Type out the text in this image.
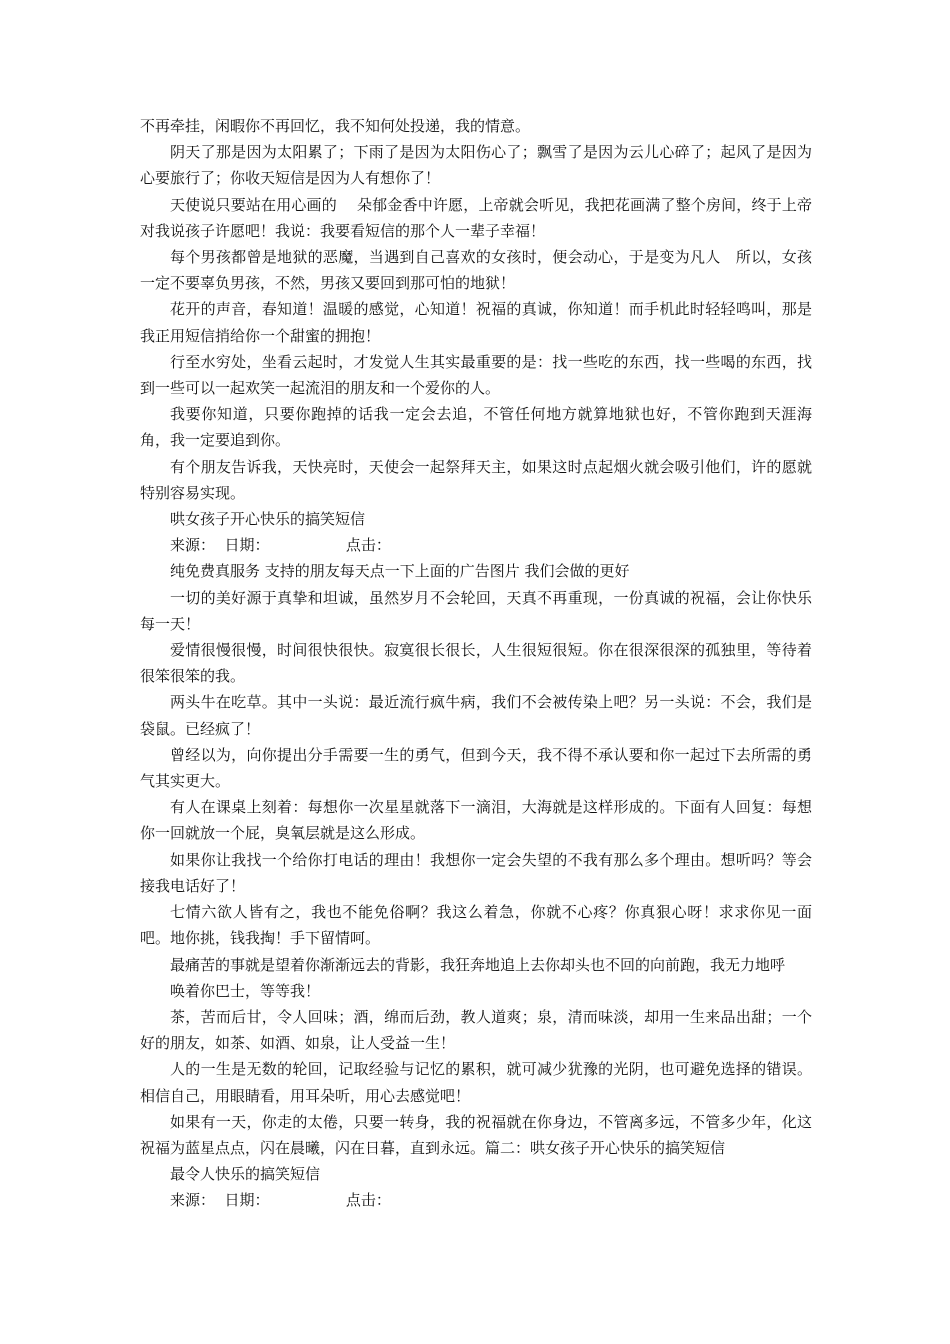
不再牵挂，闲暇你不再回忆，我不知何处投递，我的情意。

阴天了那是因为太阳累了；下雨了是因为太阳伤心了；飘雪了是因为云儿心碎了；起风了是因为心要旅行了；你收天短信是因为人有想你了！

天使说只要站在用心画的　 朵郁金香中许愿，上帝就会听见，我把花画满了整个房间，终于上帝对我说孩子许愿吧！我说：我要看短信的那个人一辈子幸福！

每个男孩都曾是地狱的恶魔，当遇到自己喜欢的女孩时，便会动心，于是变为凡人　所以，女孩一定不要辜负男孩，不然，男孩又要回到那可怕的地狱！

花开的声音，春知道！温暖的感觉，心知道！祝福的真诚，你知道！而手机此时轻轻鸣叫，那是我正用短信捎给你一个甜蜜的拥抱！

行至水穷处，坐看云起时，才发觉人生其实最重要的是：找一些吃的东西，找一些喝的东西，找到一些可以一起欢笑一起流泪的朋友和一个爱你的人。

我要你知道，只要你跑掉的话我一定会去追，不管任何地方就算地狱也好，不管你跑到天涯海角，我一定要追到你。

有个朋友告诉我，天快亮时，天使会一起祭拜天主，如果这时点起烟火就会吸引他们，许的愿就特别容易实现。

哄女孩子开心快乐的搞笑短信

来源：  日期：                点击：

纯免费真服务 支持的朋友每天点一下上面的广告图片 我们会做的更好

一切的美好源于真挚和坦诚，虽然岁月不会轮回，天真不再重现，一份真诚的祝福，会让你快乐每一天！

爱情很慢很慢，时间很快很快。寂寞很长很长，人生很短很短。你在很深很深的孤独里，等待着很笨很笨的我。

两头牛在吃草。其中一头说：最近流行疯牛病，我们不会被传染上吧？另一头说：不会，我们是袋鼠。已经疯了！

曾经以为，向你提出分手需要一生的勇气，但到今天，我不得不承认要和你一起过下去所需的勇气其实更大。

有人在课桌上刻着：每想你一次星星就落下一滴泪，大海就是这样形成的。下面有人回复：每想你一回就放一个屁，臭氧层就是这么形成。

如果你让我找一个给你打电话的理由！我想你一定会失望的不我有那么多个理由。想听吗？等会接我电话好了！

七情六欲人皆有之，我也不能免俗啊？我这么着急，你就不心疼？你真狠心呀！求求你见一面吧。地你挑，钱我掏！手下留情呵。

最痛苦的事就是望着你渐渐远去的背影，我狂奔地追上去你却头也不回的向前跑，我无力地呼

唤着你巴士，等等我！

茶，苦而后甘，令人回味；酒，绵而后劲，教人道爽；泉，清而味淡，却用一生来品出甜；一个好的朋友，如茶、如酒、如泉，让人受益一生！

人的一生是无数的轮回，记取经验与记忆的累积，就可减少犹豫的光阴，也可避免选择的错误。相信自己，用眼睛看，用耳朵听，用心去感觉吧！

如果有一天，你走的太倦，只要一转身，我的祝福就在你身边，不管离多远，不管多少年，化这祝福为蓝星点点，闪在晨曦，闪在日暮，直到永远。篇二：哄女孩子开心快乐的搞笑短信

最令人快乐的搞笑短信

来源：  日期：                点击：
